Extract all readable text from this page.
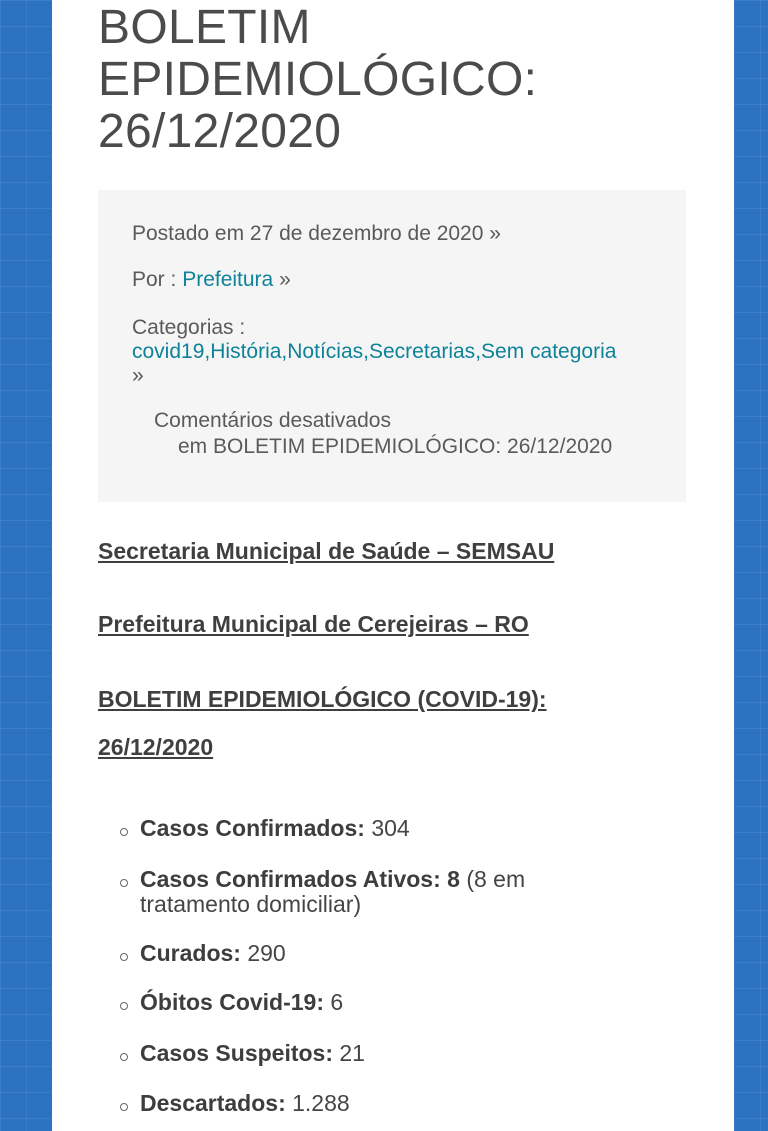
BOLETIM EPIDEMIOLÓGICO: 26/12/2020
Postado em 27 de dezembro de 2020 »
Por : Prefeitura »
Categorias :
covid19,História,Notícias,Secretarias,Sem categoria »
Comentários desativados
em BOLETIM EPIDEMIOLÓGICO: 26/12/2020
Secretaria Municipal de Saúde – SEMSAU
Prefeitura Municipal de Cerejeiras – RO
BOLETIM EPIDEMIOLÓGICO (COVID-19):
26/12/2020
Casos Confirmados: 304
Casos Confirmados Ativos: 8 (8 em tratamento domiciliar)
Curados: 290
Óbitos Covid-19: 6
Casos Suspeitos: 21
Descartados: 1.288
